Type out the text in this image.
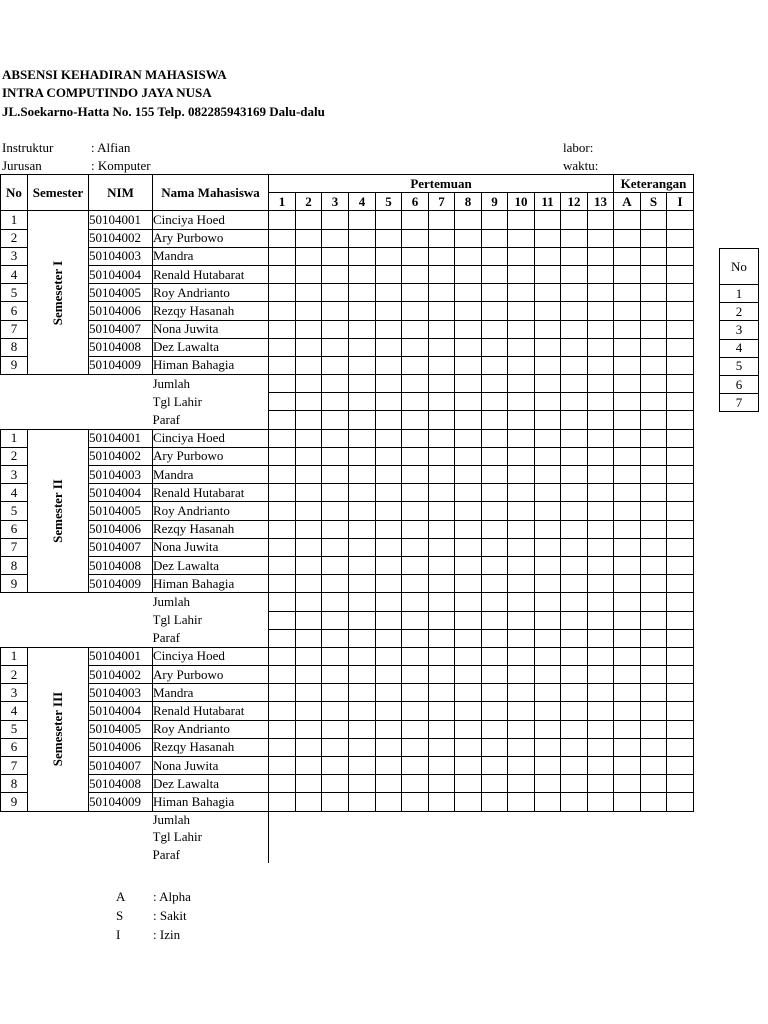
ABSENSI KEHADIRAN MAHASISWA
INTRA COMPUTINDO JAYA NUSA
JL.Soekarno-Hatta No. 155 Telp. 082285943169 Dalu-dalu
Instruktur	: Alfian
Jurusan	: Komputer
labor:
waktu:
No	Semester	NIM	Nama Mahasiswa	Pertemuan													Keterangan		
				1	2	3	4	5	6	7	8	9	10	11	12	13	A	S	I
1	Semeseter I	50104001	Cinciya Hoed																
2		50104002	Ary Purbowo																
3		50104003	Mandra																
4		50104004	Renald Hutabarat																
5		50104005	Roy Andrianto																
6		50104006	Rezqy Hasanah																
7		50104007	Nona Juwita																
8		50104008	Dez Lawalta																
9		50104009	Himan Bahagia																
			Jumlah																
			Tgl Lahir																
			Paraf																
1	Semester II	50104001	Cinciya Hoed																
2		50104002	Ary Purbowo																
3		50104003	Mandra																
4		50104004	Renald Hutabarat																
5		50104005	Roy Andrianto																
6		50104006	Rezqy Hasanah																
7		50104007	Nona Juwita																
8		50104008	Dez Lawalta																
9		50104009	Himan Bahagia																
			Jumlah																
			Tgl Lahir																
			Paraf																
1	Semeseter III	50104001	Cinciya Hoed																
2		50104002	Ary Purbowo																
3		50104003	Mandra																
4		50104004	Renald Hutabarat																
5		50104005	Roy Andrianto																
6		50104006	Rezqy Hasanah																
7		50104007	Nona Juwita																
8		50104008	Dez Lawalta																
9		50104009	Himan Bahagia																
			Jumlah																
			Tgl Lahir																
			Paraf																
No
1
2
3
4
5
6
7
A : Alpha
S : Sakit
I	: Izin
